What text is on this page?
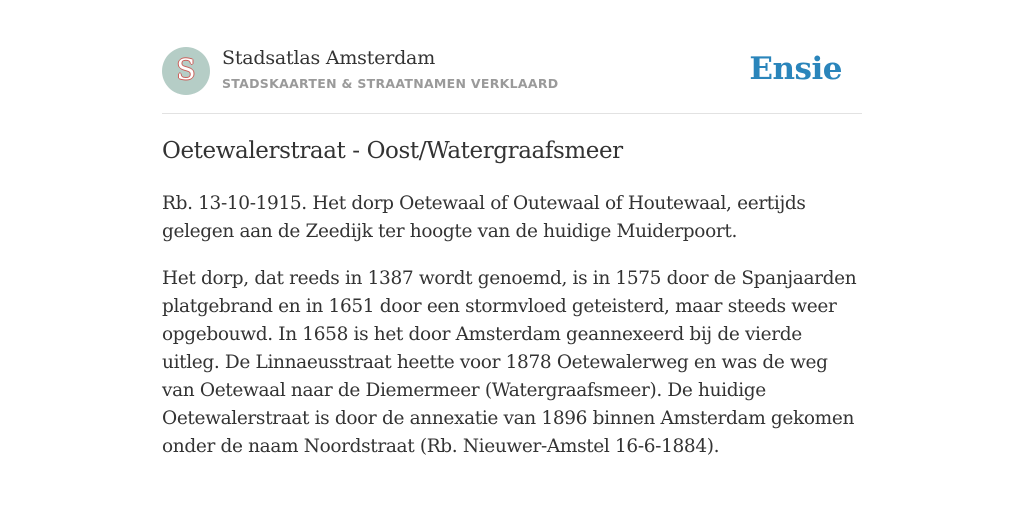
S Stadsatlas Amsterdam
STADSKAARTEN & STRAATNAMEN VERKLAARD	Ensie
Oetewalerstraat - Oost/Watergraafsmeer

Rb. 13-10-1915. Het dorp Oetewaal of Outewaal of Houtewaal, eertijds gelegen aan de Zeedijk ter hoogte van de huidige Muiderpoort.

Het dorp, dat reeds in 1387 wordt genoemd, is in 1575 door de Spanjaarden platgebrand en in 1651 door een stormvloed geteisterd, maar steeds weer opgebouwd. In 1658 is het door Amsterdam geannexeerd bij de vierde uitleg. De Linnaeusstraat heette voor 1878 Oetewalerweg en was de weg van Oetewaal naar de Diemermeer (Watergraafsmeer). De huidige Oetewalerstraat is door de annexatie van 1896 binnen Amsterdam gekomen onder de naam Noordstraat (Rb. Nieuwer-Amstel 16-6-1884).
